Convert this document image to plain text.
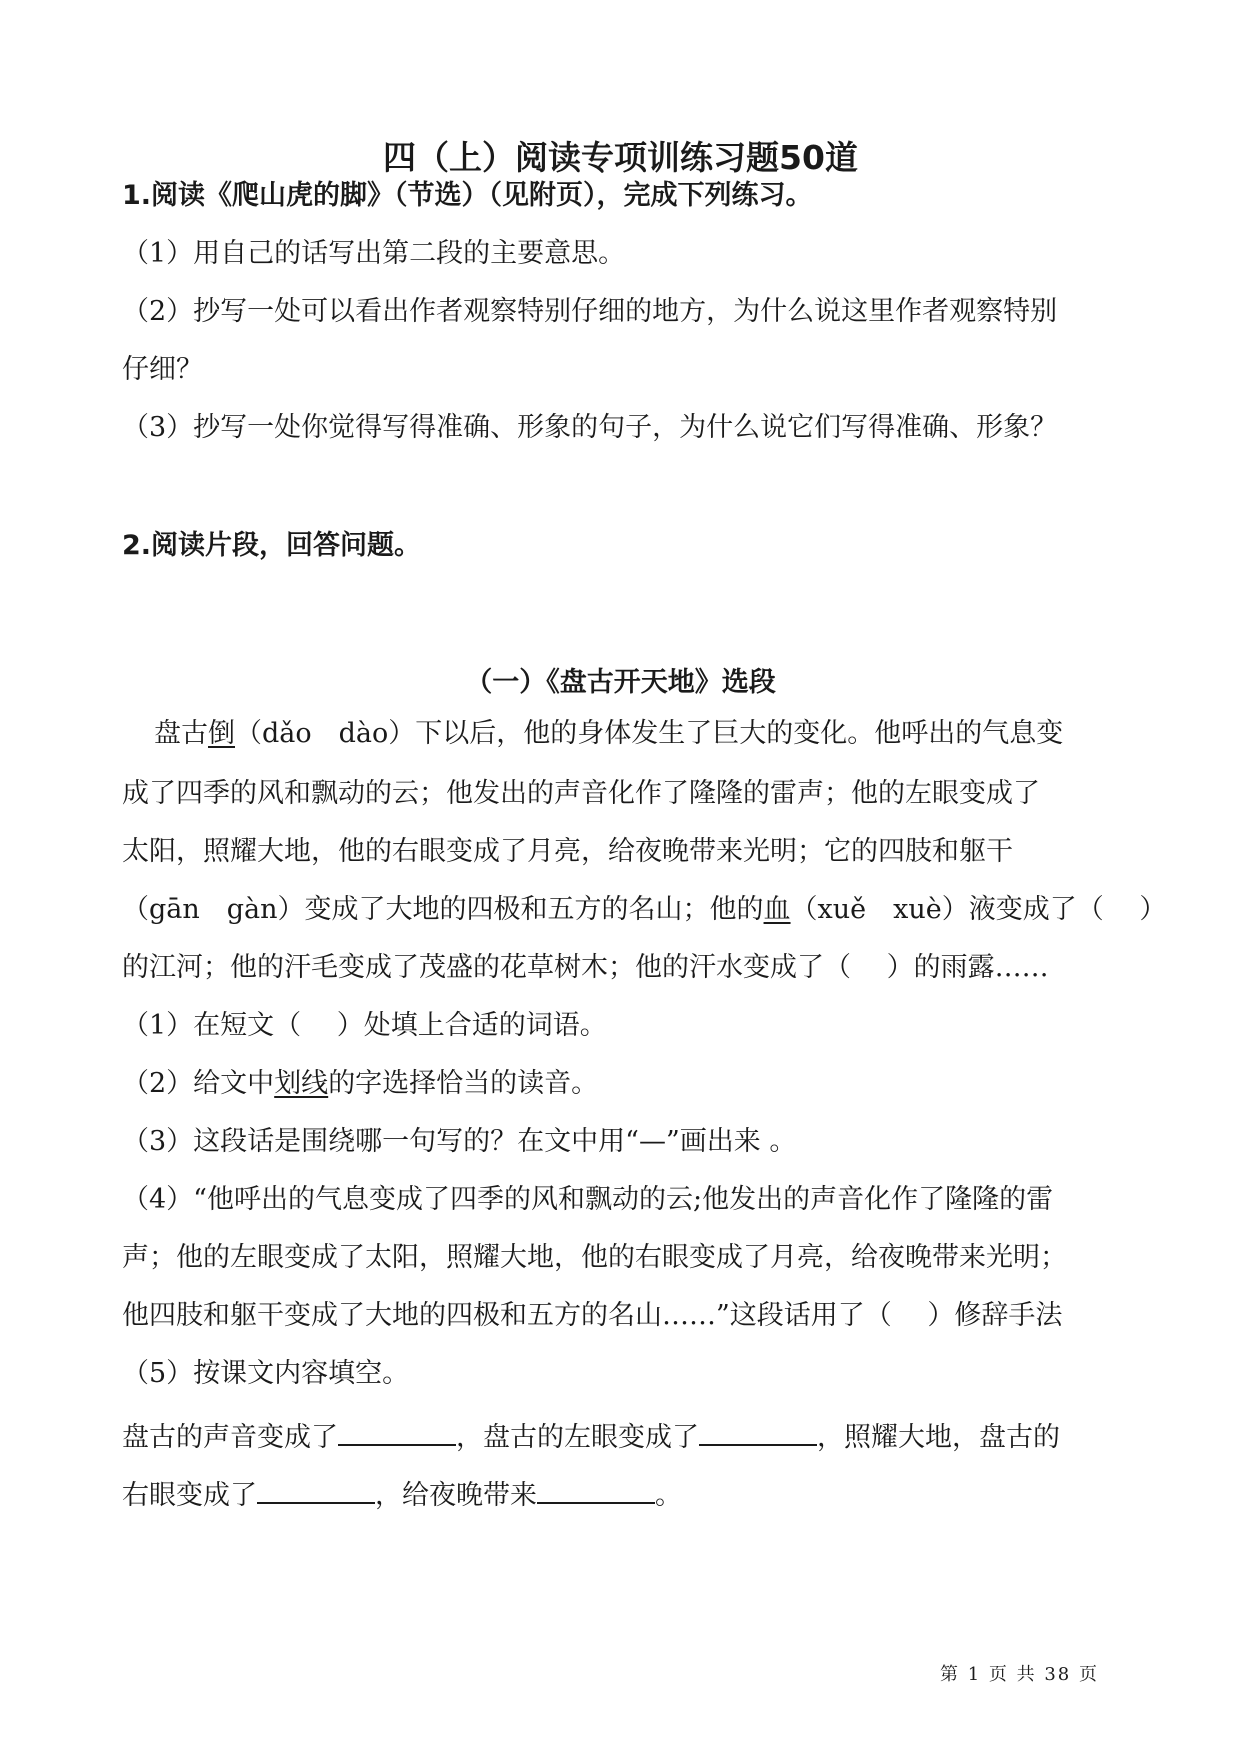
四（上）阅读专项训练习题50道
1.阅读《爬山虎的脚》（节选）（见附页），完成下列练习。
（1）用自己的话写出第二段的主要意思。
（2）抄写一处可以看出作者观察特别仔细的地方，为什么说这里作者观察特别
仔细？
（3）抄写一处你觉得写得准确、形象的句子，为什么说它们写得准确、形象？
2.阅读片段，回答问题。
（一）《盘古开天地》选段
盘古倒（dǎo　dào）下以后，他的身体发生了巨大的变化。他呼出的气息变
成了四季的风和飘动的云；他发出的声音化作了隆隆的雷声；他的左眼变成了
太阳，照耀大地，他的右眼变成了月亮，给夜晚带来光明；它的四肢和躯干
（gān　gàn）变成了大地的四极和五方的名山；他的血（xuě　xuè）液变成了（　 ）
的江河；他的汗毛变成了茂盛的花草树木；他的汗水变成了（　 ）的雨露……
（1）在短文（　 ）处填上合适的词语。
（2）给文中划线的字选择恰当的读音。
（3）这段话是围绕哪一句写的？在文中用“—”画出来 。
（4）“他呼出的气息变成了四季的风和飘动的云;他发出的声音化作了隆隆的雷
声；他的左眼变成了太阳，照耀大地，他的右眼变成了月亮，给夜晚带来光明；
他四肢和躯干变成了大地的四极和五方的名山……”这段话用了（　 ）修辞手法
（5）按课文内容填空。
盘古的声音变成了	，盘古的左眼变成了	，照耀大地，盘古的
右眼变成了	，给夜晚带来	。
第 1 页 共 38 页
